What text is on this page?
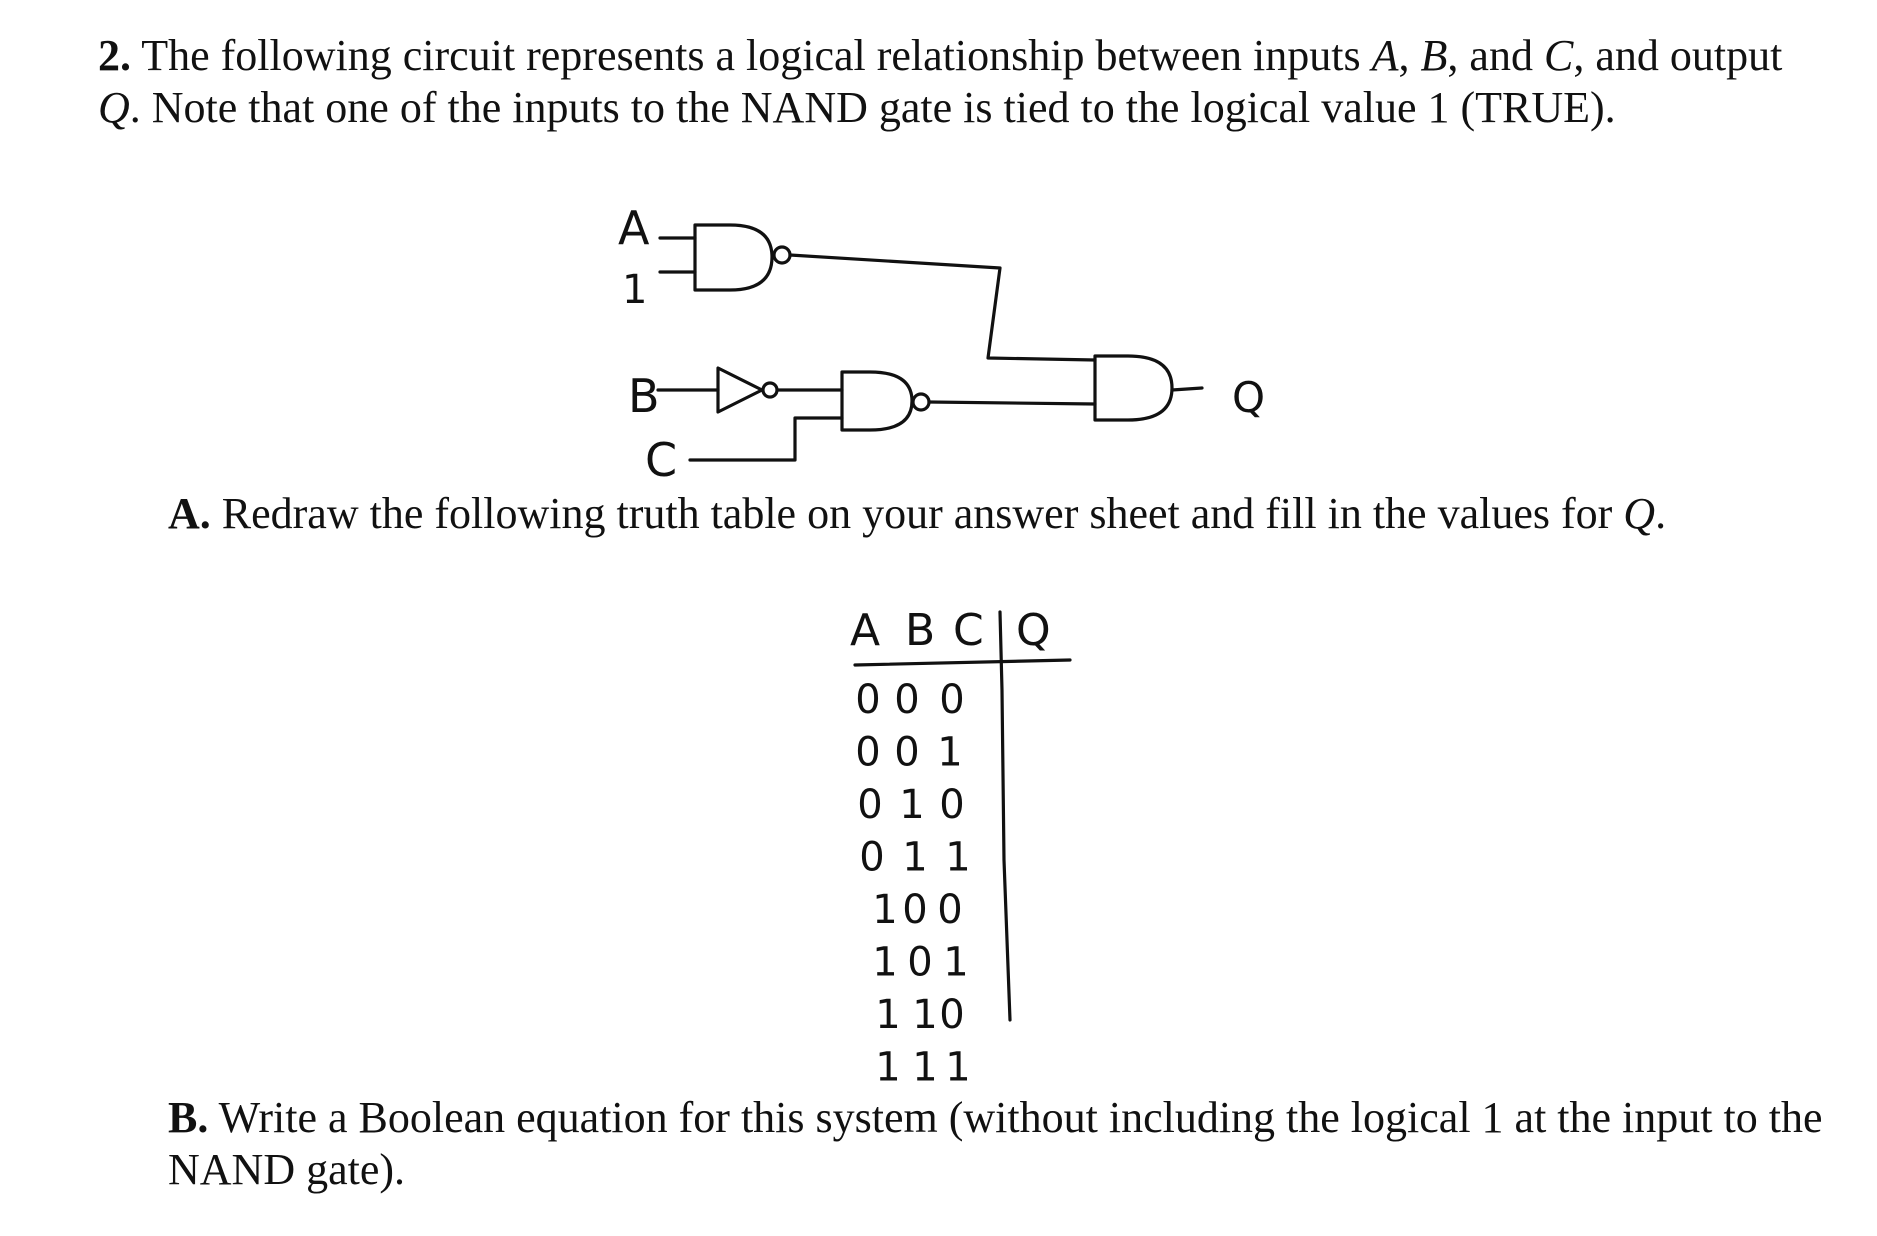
2. The following circuit represents a logical relationship between inputs A, B, and C, and output Q. Note that one of the inputs to the NAND gate is tied to the logical value 1 (TRUE).
A
1
B
C
Q
A B C Q
0 0 0
0 0 1
0 1 0
0 1 1
1 0 0
1 0 1
1 1 0
1 1 1
A. Redraw the following truth table on your answer sheet and fill in the values for Q.
B. Write a Boolean equation for this system (without including the logical 1 at the input to the NAND gate).
